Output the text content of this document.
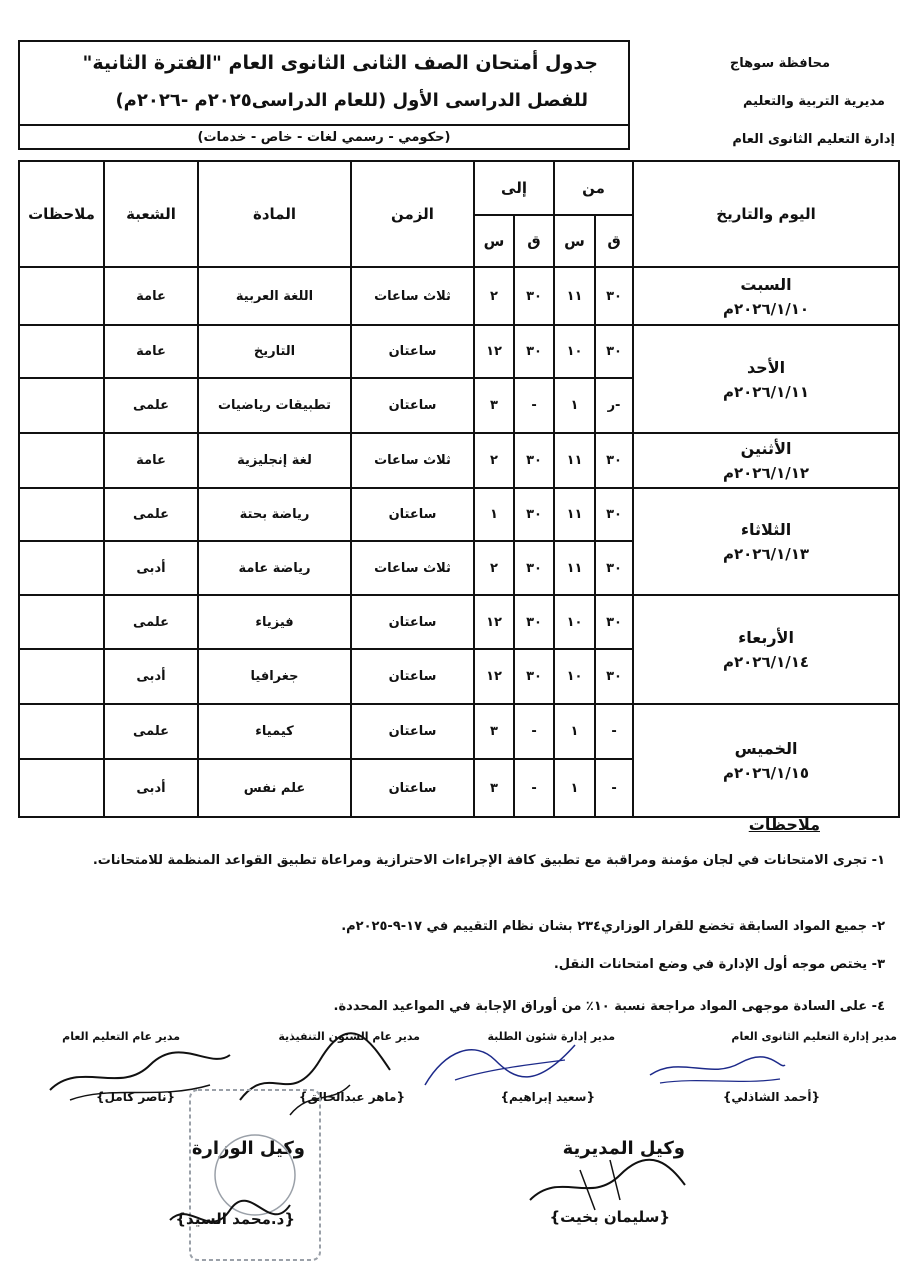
محافظة سوهاج
مديرية التربية والتعليم
إدارة التعليم الثانوى العام
جدول أمتحان الصف الثانى الثانوى العام "الفترة الثانية"
للفصل الدراسى الأول (للعام الدراسى٢٠٢٥م -٢٠٢٦م)
(حكومي - رسمي لغات - خاص - خدمات)
اليوم والتاريخ	من		إلى		الزمن	المادة	الشعبة	ملاحظات
	ق	س	ق	س				
السبت
٢٠٢٦/١/١٠م	٣٠	١١	٣٠	٢	ثلاث ساعات	اللغة العربية	عامة	
الأحد
٢٠٢٦/١/١١م	٣٠	١٠	٣٠	١٢	ساعتان	التاريخ	عامة	
	-ر	١	-	٣	ساعتان	تطبيقات رياضيات	علمى	
الأثنين
٢٠٢٦/١/١٢م	٣٠	١١	٣٠	٢	ثلاث ساعات	لغة إنجليزية	عامة	
الثلاثاء
٢٠٢٦/١/١٣م	٣٠	١١	٣٠	١	ساعتان	رياضة بحتة	علمى	
	٣٠	١١	٣٠	٢	ثلاث ساعات	رياضة عامة	أدبى	
الأربعاء
٢٠٢٦/١/١٤م	٣٠	١٠	٣٠	١٢	ساعتان	فيزياء	علمى	
	٣٠	١٠	٣٠	١٢	ساعتان	جغرافيا	أدبى	
الخميس
٢٠٢٦/١/١٥م	-	١	-	٣	ساعتان	كيمياء	علمى	
	-	١	-	٣	ساعتان	علم نفس	أدبى	
ملاحظات
١- تجرى الامتحانات في لجان مؤمنة ومراقبة مع تطبيق كافة الإجراءات الاحترازية ومراعاة تطبيق القواعد المنظمة للامتحانات.
٢- جميع المواد السابقة تخضع للقرار الوزاري٢٣٤ بشان نظام التقييم في ١٧-٩-٢٠٢٥م.
٣- يختص موجه أول الإدارة في وضع امتحانات النقل.
٤- على السادة موجهى المواد مراجعة نسبة ١٠٪ من أوراق الإجابة في المواعيد المحددة.
مدير إدارة التعليم الثانوى العام
مدير إدارة شئون الطلبة
مدير عام الشئون التنفيذية
مدير عام التعليم العام
{أحمد الشاذلي}
{سعيد إبراهيم}
{ماهر عبدالخالق}
{ناصر كامل}
وكيل المديرية
{سليمان بخيت}
وكيل الوزارة
{د.محمد السيد}
